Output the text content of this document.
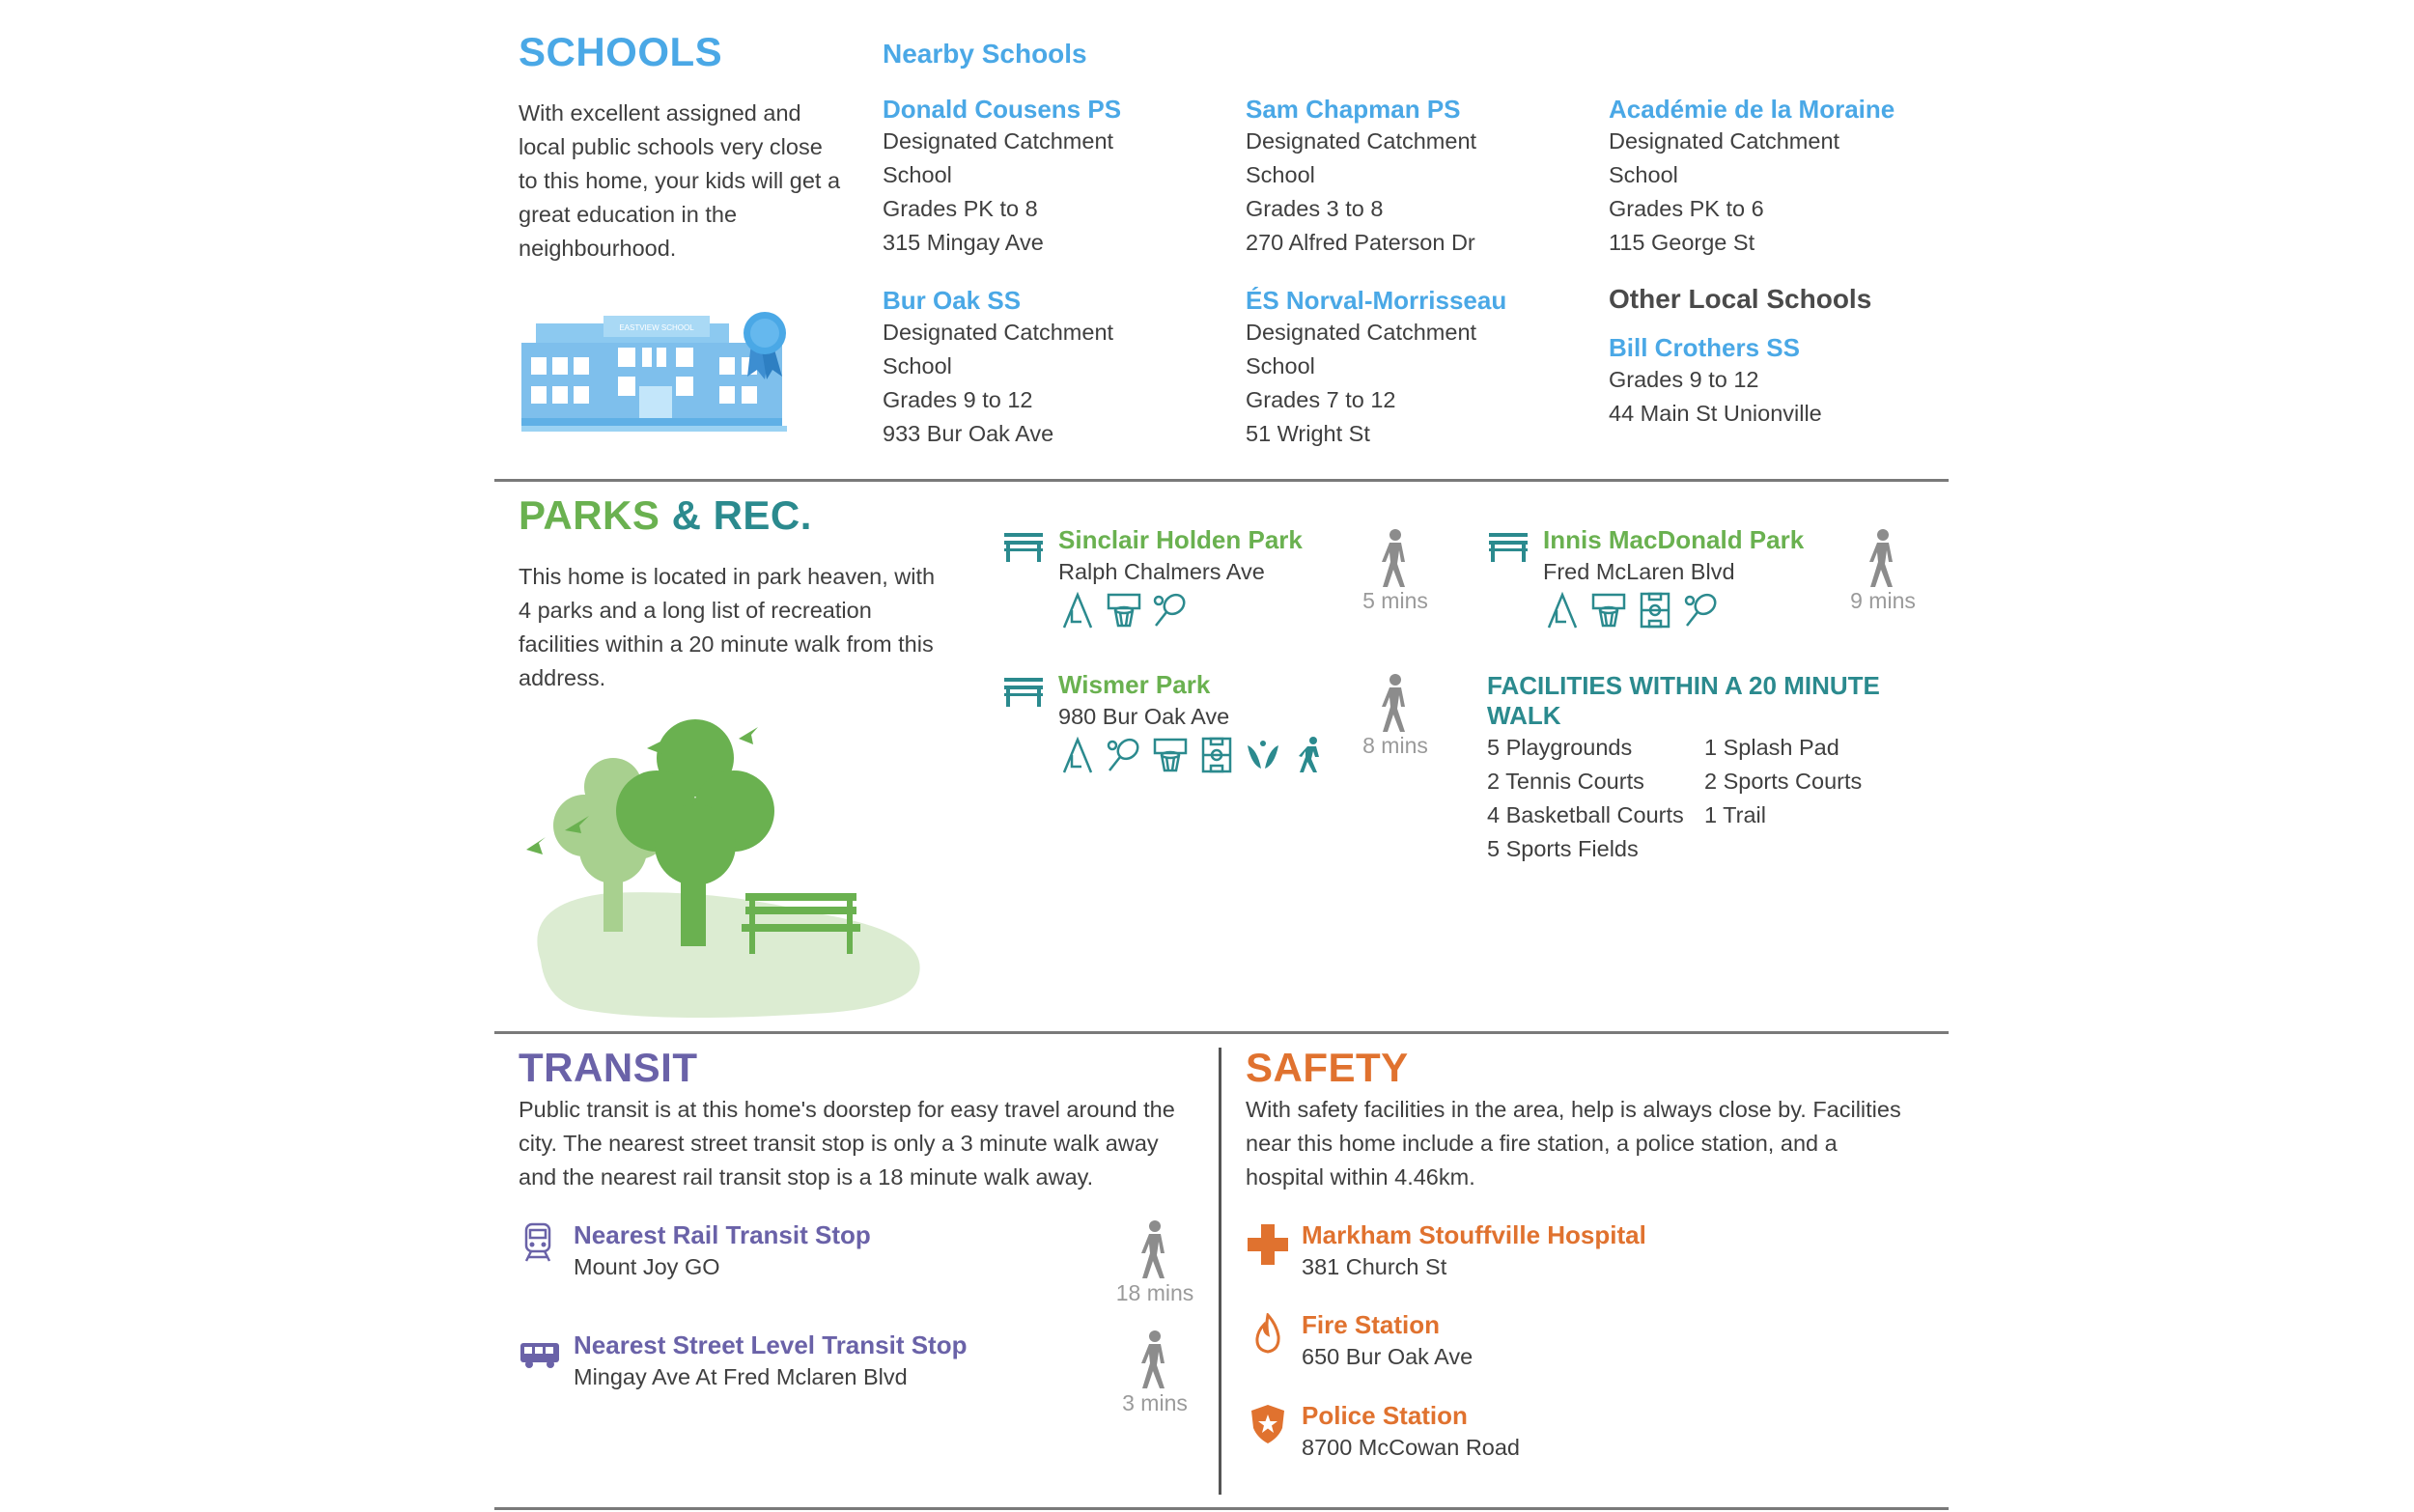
SCHOOLS
With excellent assigned and local public schools very close to this home, your kids will get a great education in the neighbourhood.
EASTVIEW SCHOOL
Nearby Schools
Donald Cousens PS
Designated Catchment School
Grades PK to 8
315 Mingay Ave
Sam Chapman PS
Designated Catchment School
Grades 3 to 8
270 Alfred Paterson Dr
Académie de la Moraine
Designated Catchment School
Grades PK to 6
115 George St
Bur Oak SS
Designated Catchment School
Grades 9 to 12
933 Bur Oak Ave
ÉS Norval-Morrisseau
Designated Catchment School
Grades 7 to 12
51 Wright St
Other Local Schools
Bill Crothers SS
Grades 9 to 12
44 Main St Unionville
PARKS & REC.
This home is located in park heaven, with 4 parks and a long list of recreation facilities within a 20 minute walk from this address.
Sinclair Holden Park
Ralph Chalmers Ave
5 mins
Innis MacDonald Park
Fred McLaren Blvd
9 mins
Wismer Park
980 Bur Oak Ave
8 mins
FACILITIES WITHIN A 20 MINUTE WALK
5 Playgrounds
2 Tennis Courts
4 Basketball Courts
5 Sports Fields
1 Splash Pad
2 Sports Courts
1 Trail
TRANSIT
Public transit is at this home's doorstep for easy travel around the city. The nearest street transit stop is only a 3 minute walk away and the nearest rail transit stop is a 18 minute walk away.
Nearest Rail Transit Stop
Mount Joy GO
18 mins
Nearest Street Level Transit Stop
Mingay Ave At Fred Mclaren Blvd
3 mins
SAFETY
With safety facilities in the area, help is always close by. Facilities near this home include a fire station, a police station, and a hospital within 4.46km.
Markham Stouffville Hospital
381 Church St
Fire Station
650 Bur Oak Ave
Police Station
8700 McCowan Road
